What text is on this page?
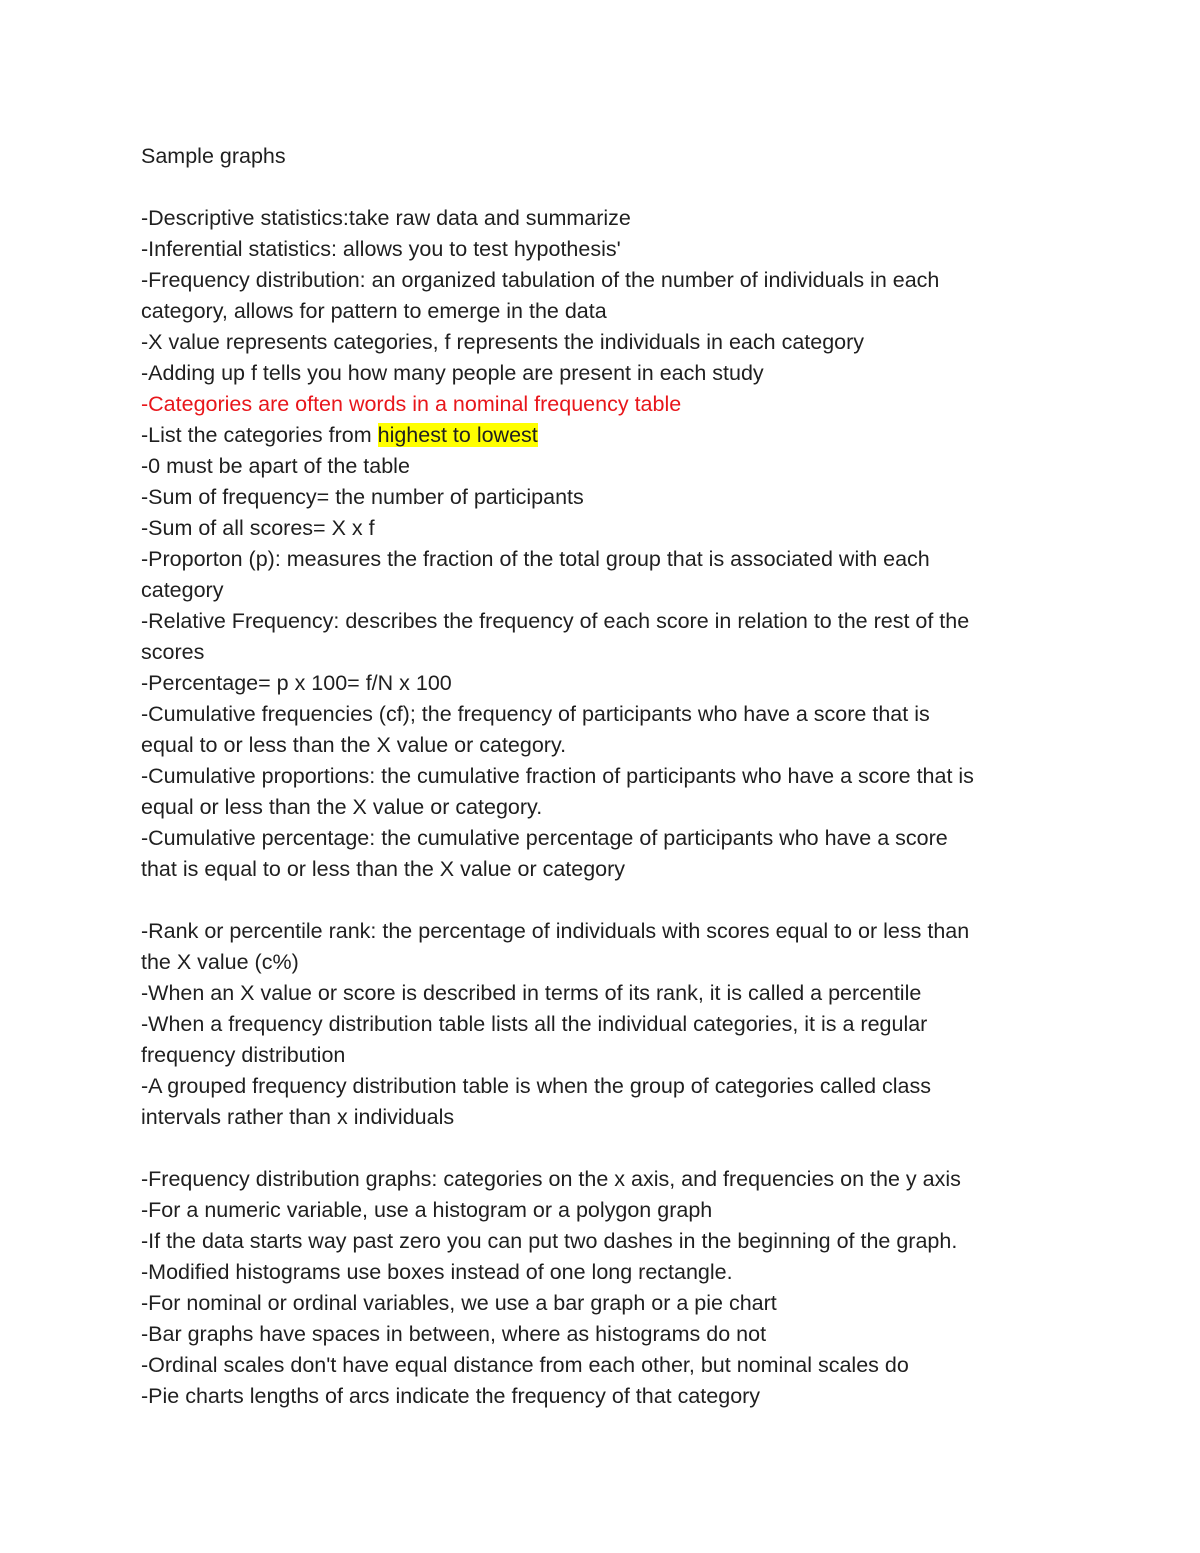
Sample graphs
-Descriptive statistics:take raw data and summarize
-Inferential statistics: allows you to test hypothesis'
-Frequency distribution: an organized tabulation of the number of individuals in each
category, allows for pattern to emerge in the data
-X value represents categories, f represents the individuals in each category
-Adding up f tells you how many people are present in each study
-Categories are often words in a nominal frequency table
-List the categories from highest to lowest
-0 must be apart of the table
-Sum of frequency= the number of participants
-Sum of all scores= X x f
-Proporton (p): measures the fraction of the total group that is associated with each
category
-Relative Frequency: describes the frequency of each score in relation to the rest of the
scores
-Percentage= p x 100= f/N x 100
-Cumulative frequencies (cf); the frequency of participants who have a score that is
equal to or less than the X value or category.
-Cumulative proportions: the cumulative fraction of participants who have a score that is
equal or less than the X value or category.
-Cumulative percentage: the cumulative percentage of participants who have a score
that is equal to or less than the X value or category
-Rank or percentile rank: the percentage of individuals with scores equal to or less than
the X value (c%)
-When an X value or score is described in terms of its rank, it is called a percentile
-When a frequency distribution table lists all the individual categories, it is a regular
frequency distribution
-A grouped frequency distribution table is when the group of categories called class
intervals rather than x individuals
-Frequency distribution graphs: categories on the x axis, and frequencies on the y axis
-For a numeric variable, use a histogram or a polygon graph
-If the data starts way past zero you can put two dashes in the beginning of the graph.
-Modified histograms use boxes instead of one long rectangle.
-For nominal or ordinal variables, we use a bar graph or a pie chart
-Bar graphs have spaces in between, where as histograms do not
-Ordinal scales don't have equal distance from each other, but nominal scales do
-Pie charts lengths of arcs indicate the frequency of that category
